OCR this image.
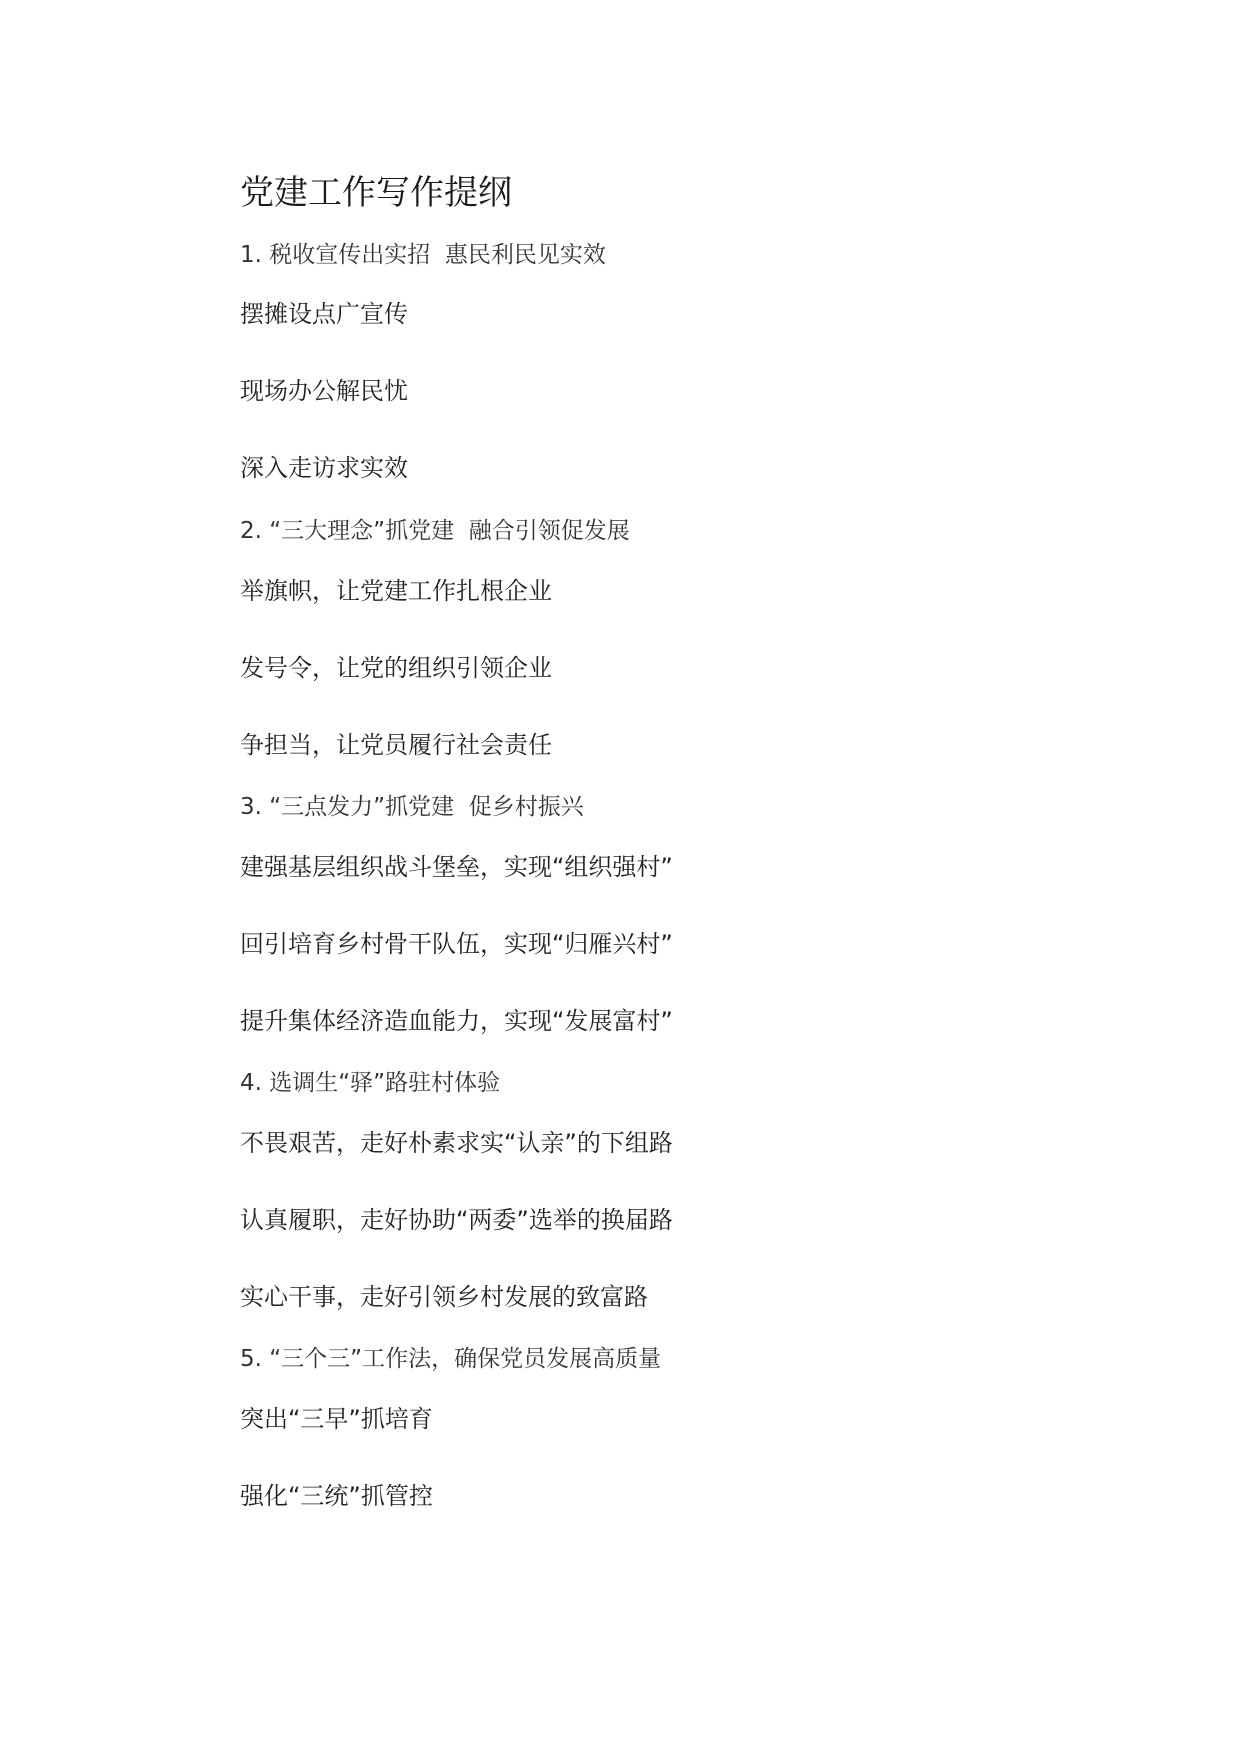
党建工作写作提纲
1. 税收宣传出实招  惠民利民见实效
摆摊设点广宣传
现场办公解民忧
深入走访求实效
2. “三大理念”抓党建  融合引领促发展
举旗帜，让党建工作扎根企业
发号令，让党的组织引领企业
争担当，让党员履行社会责任
3. “三点发力”抓党建  促乡村振兴
建强基层组织战斗堡垒，实现“组织强村”
回引培育乡村骨干队伍，实现“归雁兴村”
提升集体经济造血能力，实现“发展富村”
4. 选调生“驿”路驻村体验
不畏艰苦，走好朴素求实“认亲”的下组路
认真履职，走好协助“两委”选举的换届路
实心干事，走好引领乡村发展的致富路
5. “三个三”工作法，确保党员发展高质量
突出“三早”抓培育
强化“三统”抓管控
